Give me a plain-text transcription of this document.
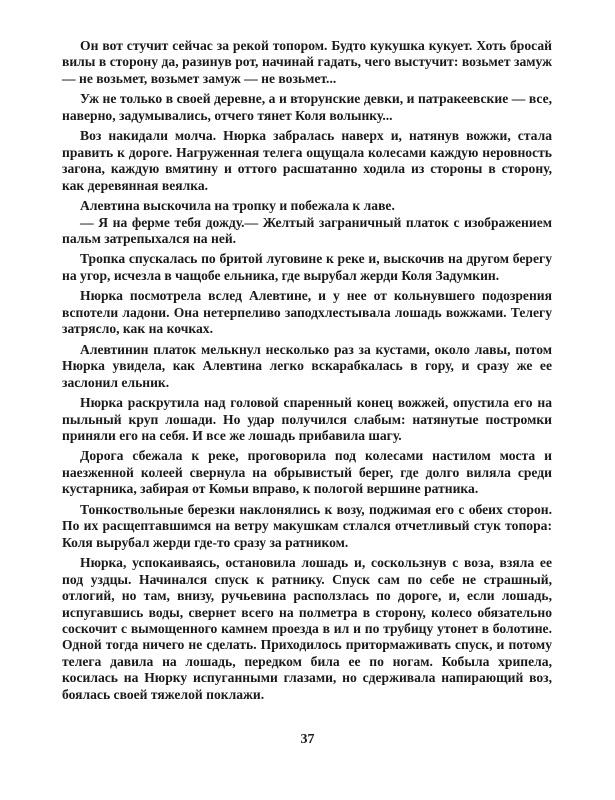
Он вот стучит сейчас за рекой топором. Будто кукушка кукует. Хоть бросай вилы в сторону да, разинув рот, начинай гадать, чего выстучит: возьмет замуж — не возьмет, возьмет замуж — не возьмет...

Уж не только в своей деревне, а и вторунские девки, и патракеевские — все, наверно, задумывались, отчего тянет Коля волынку...

Воз накидали молча. Нюрка забралась наверх и, натянув вожжи, стала править к дороге. Нагруженная телега ощущала колесами каждую неровность загона, каждую вмятину и оттого расшатанно ходила из стороны в сторону, как деревянная веялка.

Алевтина выскочила на тропку и побежала к лаве.

— Я на ферме тебя дожду.— Желтый заграничный платок с изображением пальм затрепыхался на ней.

Тропка спускалась по бритой луговине к реке и, выскочив на другом берегу на угор, исчезла в чащобе ельника, где вырубал жерди Коля Задумкин.

Нюрка посмотрела вслед Алевтине, и у нее от кольнувшего подозрения вспотели ладони. Она нетерпеливо заподхлестывала лошадь вожжами. Телегу затрясло, как на кочках.

Алевтинин платок мелькнул несколько раз за кустами, около лавы, потом Нюрка увидела, как Алевтина легко вскарабкалась в гору, и сразу же ее заслонил ельник.

Нюрка раскрутила над головой спаренный конец вожжей, опустила его на пыльный круп лошади. Но удар получился слабым: натянутые постромки приняли его на себя. И все же лошадь прибавила шагу.

Дорога сбежала к реке, проговорила под колесами настилом моста и наезженной колеей свернула на обрывистый берег, где долго виляла среди кустарника, забирая от Комьи вправо, к пологой вершине ратника.

Тонкоствольные березки наклонялись к возу, поджимая его с обеих сторон. По их расщептавшимся на ветру макушкам стлался отчетливый стук топора: Коля вырубал жерди где-то сразу за ратником.

Нюрка, успокаиваясь, остановила лошадь и, соскользнув с воза, взяла ее под уздцы. Начинался спуск к ратнику. Спуск сам по себе не страшный, отлогий, но там, внизу, ручьевина расползлась по дороге, и, если лошадь, испугавшись воды, свернет всего на полметра в сторону, колесо обязательно соскочит с вымощенного камнем проезда в ил и по трубицу утонет в болотине. Одной тогда ничего не сделать. Приходилось притормаживать спуск, и потому телега давила на лошадь, передком била ее по ногам. Кобыла хрипела, косилась на Нюрку испуганными глазами, но сдерживала напирающий воз, боялась своей тяжелой поклажи.

37
